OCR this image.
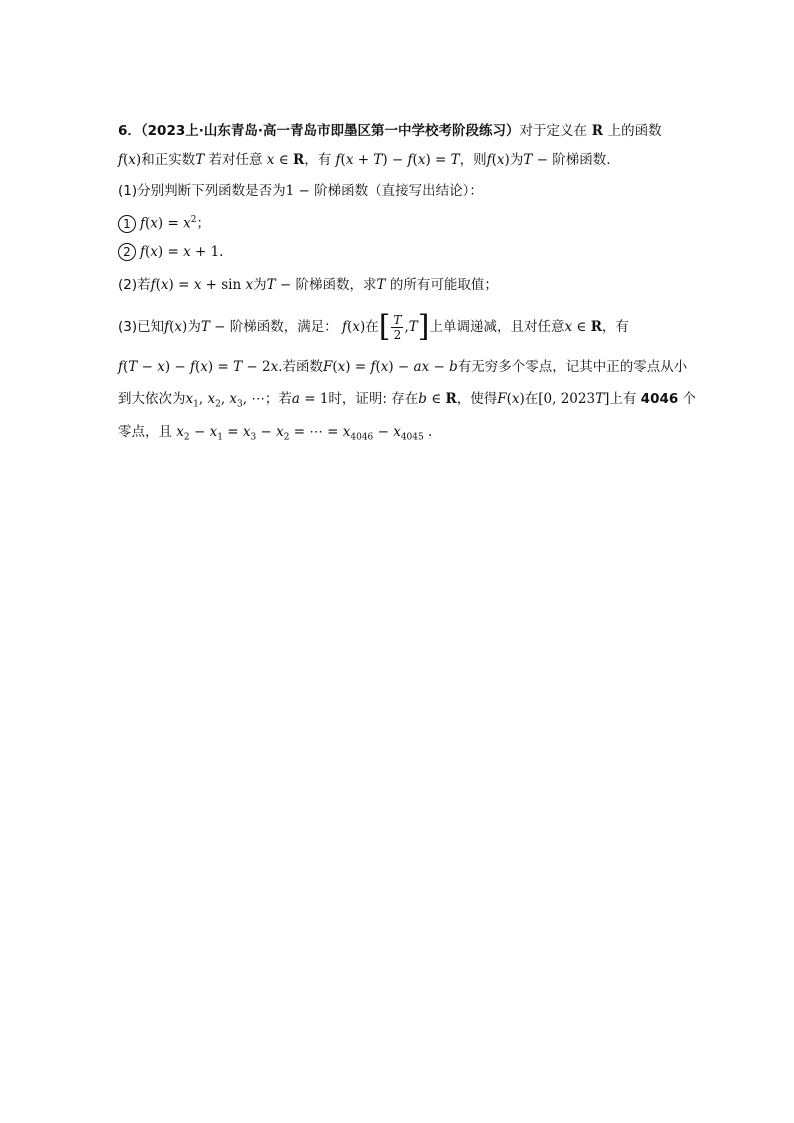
6．（2023上·山东青岛·高一青岛市即墨区第一中学校考阶段练习）对于定义在 R 上的函数
f(x)和正实数T 若对任意 x ∈ R，有 f(x + T) − f(x) = T，则f(x)为T − 阶梯函数.
(1)分别判断下列函数是否为1 − 阶梯函数（直接写出结论）：
1 $f(x) = x^2$；
2 f(x) = x + 1.
(2)若f(x) = x + sin x为T − 阶梯函数，求T 的所有可能取值；
(3)已知f(x)为T − 阶梯函数，满足： f(x)在[ $\frac{T}{2} ,T$]上单调递减，且对任意x ∈ R，有
f(T − x) − f(x) = T − 2x.若函数F(x) = f(x) − ax − b有无穷多个零点，记其中正的零点从小
到大依次为$x_1$, $x_2$, $x_3$, ⋯；若a = 1时，证明: 存在b ∈ R，使得F(x)在[0, 2023T]上有 4046 个
零点，且 $x_2 - x_1 = x_3 - x_2$ = ⋯ = $x_{4046} - x_{4045}$ .
